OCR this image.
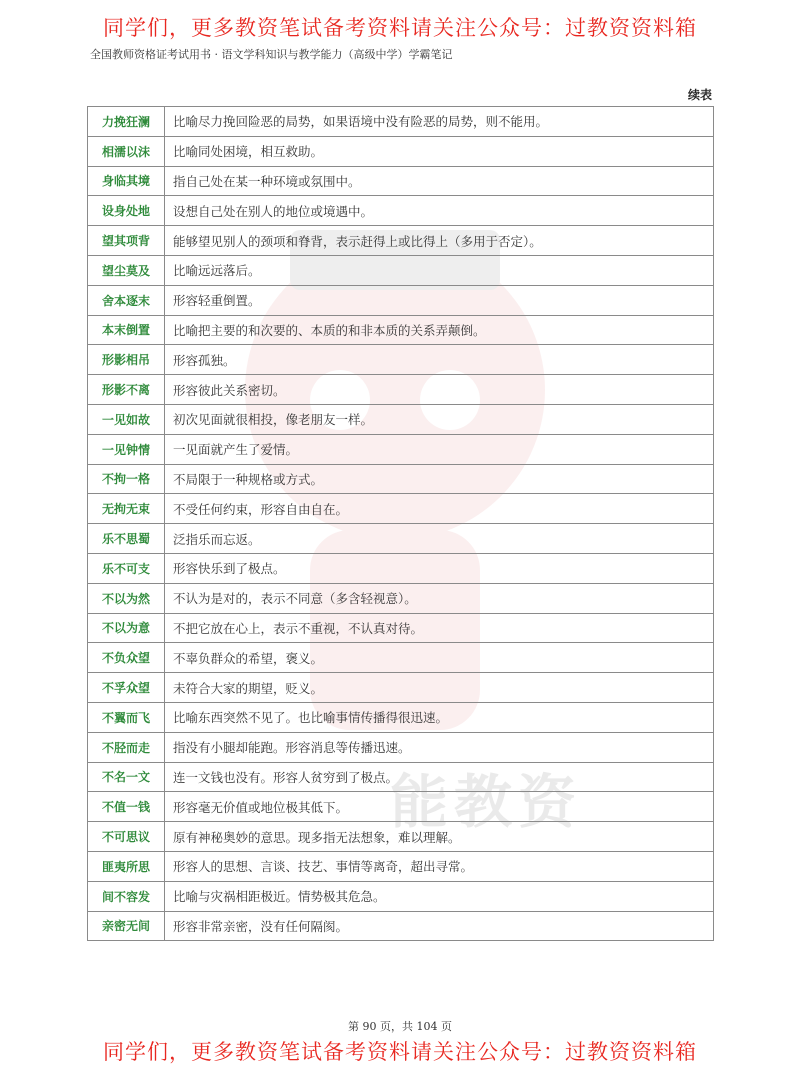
同学们，更多教资笔试备考资料请关注公众号：过教资资料箱
全国教师资格证考试用书 · 语文学科知识与教学能力（高级中学）学霸笔记
续表
能教资
力挽狂澜	比喻尽力挽回险恶的局势，如果语境中没有险恶的局势，则不能用。
相濡以沫	比喻同处困境，相互救助。
身临其境	指自己处在某一种环境或氛围中。
设身处地	设想自己处在别人的地位或境遇中。
望其项背	能够望见别人的颈项和脊背，表示赶得上或比得上（多用于否定）。
望尘莫及	比喻远远落后。
舍本逐末	形容轻重倒置。
本末倒置	比喻把主要的和次要的、本质的和非本质的关系弄颠倒。
形影相吊	形容孤独。
形影不离	形容彼此关系密切。
一见如故	初次见面就很相投，像老朋友一样。
一见钟情	一见面就产生了爱情。
不拘一格	不局限于一种规格或方式。
无拘无束	不受任何约束，形容自由自在。
乐不思蜀	泛指乐而忘返。
乐不可支	形容快乐到了极点。
不以为然	不认为是对的，表示不同意（多含轻视意）。
不以为意	不把它放在心上，表示不重视，不认真对待。
不负众望	不辜负群众的希望，褒义。
不孚众望	未符合大家的期望，贬义。
不翼而飞	比喻东西突然不见了。也比喻事情传播得很迅速。
不胫而走	指没有小腿却能跑。形容消息等传播迅速。
不名一文	连一文钱也没有。形容人贫穷到了极点。
不值一钱	形容毫无价值或地位极其低下。
不可思议	原有神秘奥妙的意思。现多指无法想象，难以理解。
匪夷所思	形容人的思想、言谈、技艺、事情等离奇，超出寻常。
间不容发	比喻与灾祸相距极近。情势极其危急。
亲密无间	形容非常亲密，没有任何隔阂。
第 90 页，共 104 页
同学们，更多教资笔试备考资料请关注公众号：过教资资料箱
